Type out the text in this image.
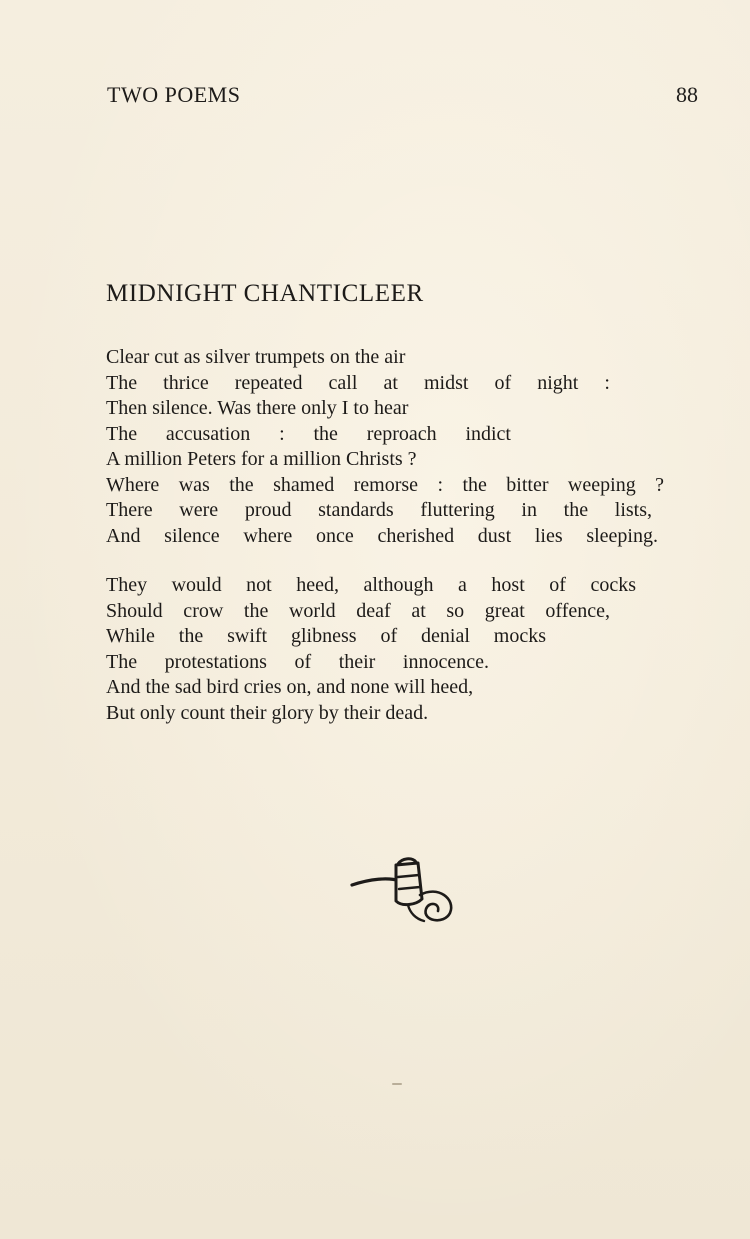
TWO POEMS	88
MIDNIGHT CHANTICLEER
Clear cut as silver trumpets on the air
The thrice repeated call at midst of night :
Then silence. Was there only I to hear
The accusation : the reproach indict
A million Peters for a million Christs ?
Where was the shamed remorse : the bitter weeping ?
There were proud standards fluttering in the lists,
And silence where once cherished dust lies sleeping.
They would not heed, although a host of cocks
Should crow the world deaf at so great offence,
While the swift glibness of denial mocks
The protestations of their innocence.
And the sad bird cries on, and none will heed,
But only count their glory by their dead.
